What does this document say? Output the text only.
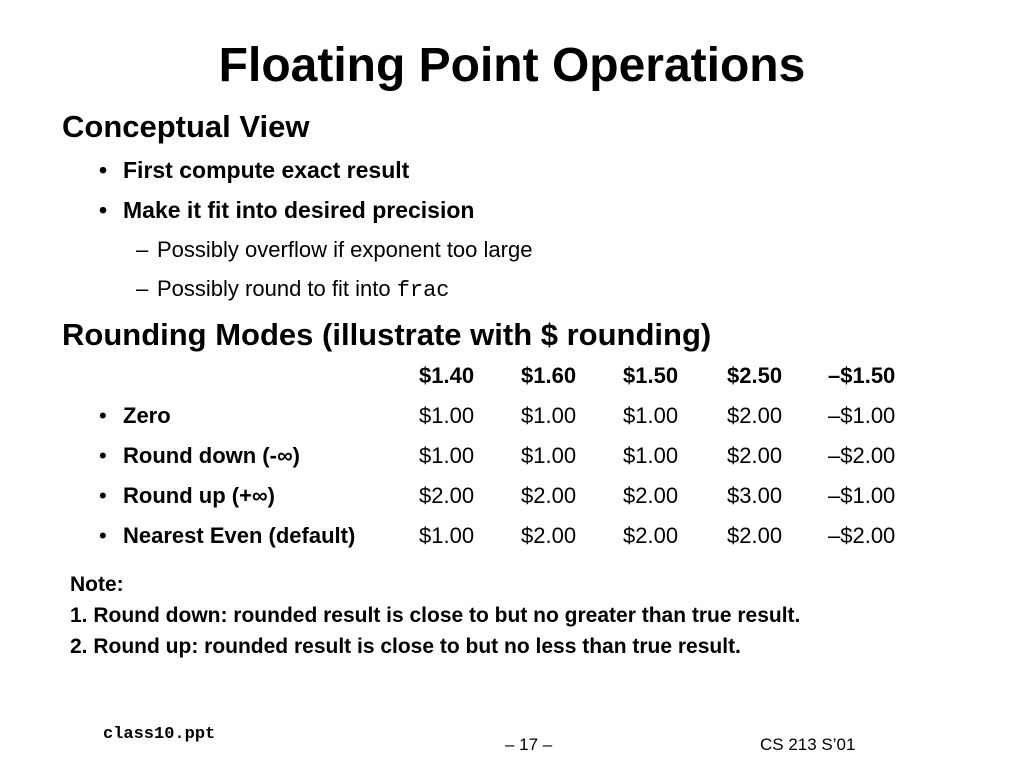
Floating Point Operations
Conceptual View
• First compute exact result
• Make it fit into desired precision
– Possibly overflow if exponent too large
– Possibly round to fit into frac
Rounding Modes (illustrate with $ rounding)
$1.40 $1.60 $1.50 $2.50 –$1.50
• Zero	$1.00 $1.00 $1.00 $2.00 –$1.00
• Round down (-∞)	$1.00 $1.00 $1.00 $2.00 –$2.00
• Round up (+∞)	$2.00 $2.00 $2.00 $3.00 –$1.00
• Nearest Even (default)	$1.00 $2.00 $2.00 $2.00 –$2.00
Note:
1. Round down: rounded result is close to but no greater than true result.
2. Round up: rounded result is close to but no less than true result.
class10.ppt
– 17 –	CS 213 S’01
